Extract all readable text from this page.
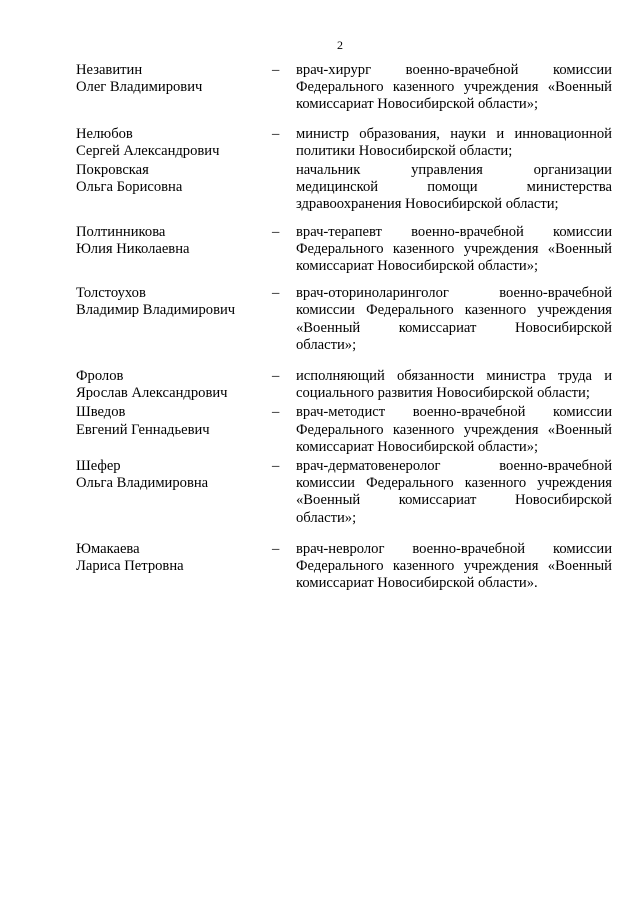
2
Незавитин
Олег Владимирович
–	врач-хирург военно-врачебной комиссии
Федерального казенного учреждения «Военный
комиссариат Новосибирской области»;
Нелюбов
Сергей Александрович
–	министр образования, науки и инновационной
политики Новосибирской области;
Покровская
Ольга Борисовна
начальник управления организации
медицинской помощи министерства
здравоохранения Новосибирской области;
Полтинникова
Юлия Николаевна
–	врач-терапевт военно-врачебной комиссии
Федерального казенного учреждения «Военный
комиссариат Новосибирской области»;
Толстоухов
Владимир Владимирович
–	врач-оториноларинголог военно-врачебной
комиссии Федерального казенного учреждения
«Военный комиссариат Новосибирской
области»;
Фролов
Ярослав Александрович
–	исполняющий обязанности министра труда и
социального развития Новосибирской области;
Шведов
Евгений Геннадьевич
–	врач-методист военно-врачебной комиссии
Федерального казенного учреждения «Военный
комиссариат Новосибирской области»;
Шефер
Ольга Владимировна
–	врач-дерматовенеролог военно-врачебной
комиссии Федерального казенного учреждения
«Военный комиссариат Новосибирской
области»;
Юмакаева
Лариса Петровна
–	врач-невролог военно-врачебной комиссии
Федерального казенного учреждения «Военный
комиссариат Новосибирской области».
